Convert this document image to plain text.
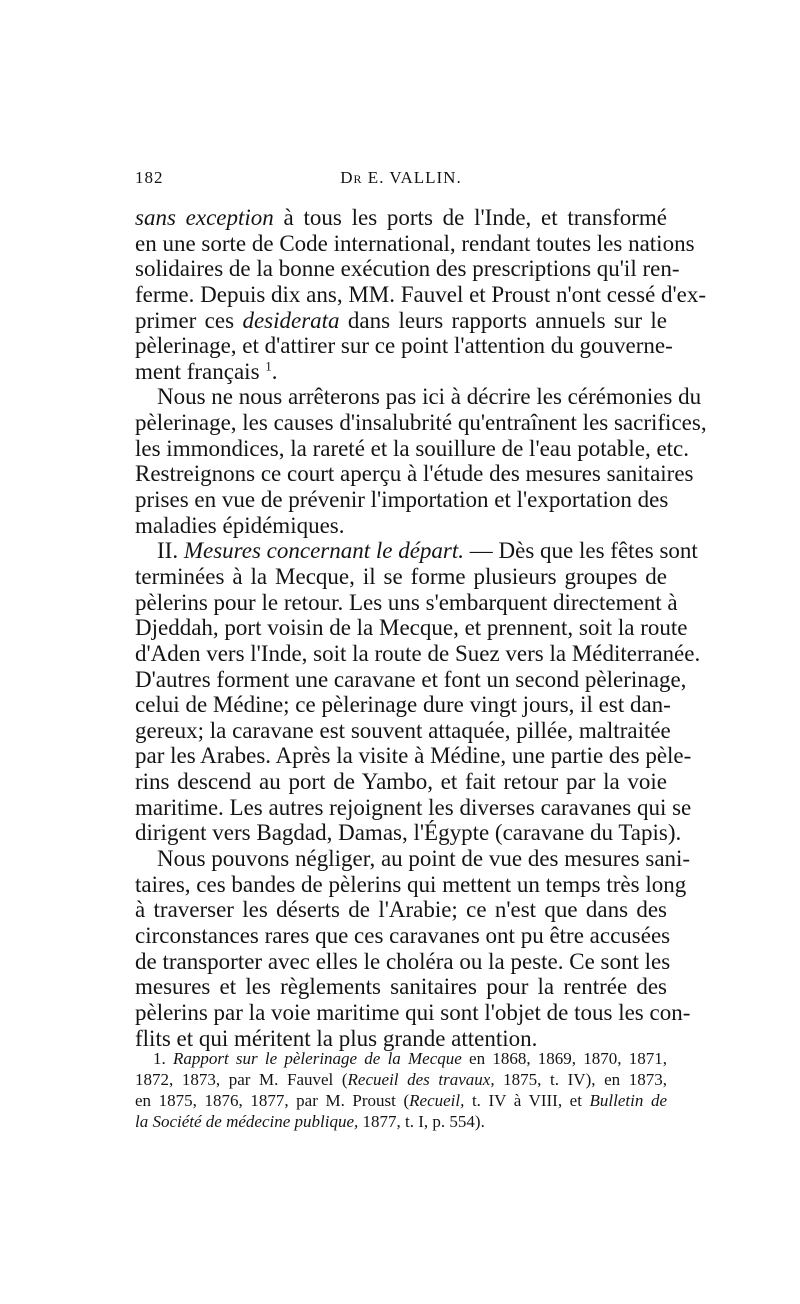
182	Dr E. VALLIN.
sans exception à tous les ports de l'Inde, et transformé
en une sorte de Code international, rendant toutes les nations
solidaires de la bonne exécution des prescriptions qu'il ren-
ferme. Depuis dix ans, MM. Fauvel et Proust n'ont cessé d'ex-
primer ces desiderata dans leurs rapports annuels sur le
pèlerinage, et d'attirer sur ce point l'attention du gouverne-
ment français $^1$.
Nous ne nous arrêterons pas ici à décrire les cérémonies du
pèlerinage, les causes d'insalubrité qu'entraînent les sacrifices,
les immondices, la rareté et la souillure de l'eau potable, etc.
Restreignons ce court aperçu à l'étude des mesures sanitaires
prises en vue de prévenir l'importation et l'exportation des
maladies épidémiques.
II. Mesures concernant le départ. — Dès que les fêtes sont
terminées à la Mecque, il se forme plusieurs groupes de
pèlerins pour le retour. Les uns s'embarquent directement à
Djeddah, port voisin de la Mecque, et prennent, soit la route
d'Aden vers l'Inde, soit la route de Suez vers la Méditerranée.
D'autres forment une caravane et font un second pèlerinage,
celui de Médine; ce pèlerinage dure vingt jours, il est dan-
gereux; la caravane est souvent attaquée, pillée, maltraitée
par les Arabes. Après la visite à Médine, une partie des pèle-
rins descend au port de Yambo, et fait retour par la voie
maritime. Les autres rejoignent les diverses caravanes qui se
dirigent vers Bagdad, Damas, l'Égypte (caravane du Tapis).
Nous pouvons négliger, au point de vue des mesures sani-
taires, ces bandes de pèlerins qui mettent un temps très long
à traverser les déserts de l'Arabie; ce n'est que dans des
circonstances rares que ces caravanes ont pu être accusées
de transporter avec elles le choléra ou la peste. Ce sont les
mesures et les règlements sanitaires pour la rentrée des
pèlerins par la voie maritime qui sont l'objet de tous les con-
flits et qui méritent la plus grande attention.
1. Rapport sur le pèlerinage de la Mecque en 1868, 1869, 1870, 1871,
1872, 1873, par M. Fauvel (Recueil des travaux, 1875, t. IV), en 1873,
en 1875, 1876, 1877, par M. Proust (Recueil, t. IV à VIII, et Bulletin de
la Société de médecine publique, 1877, t. I, p. 554).
